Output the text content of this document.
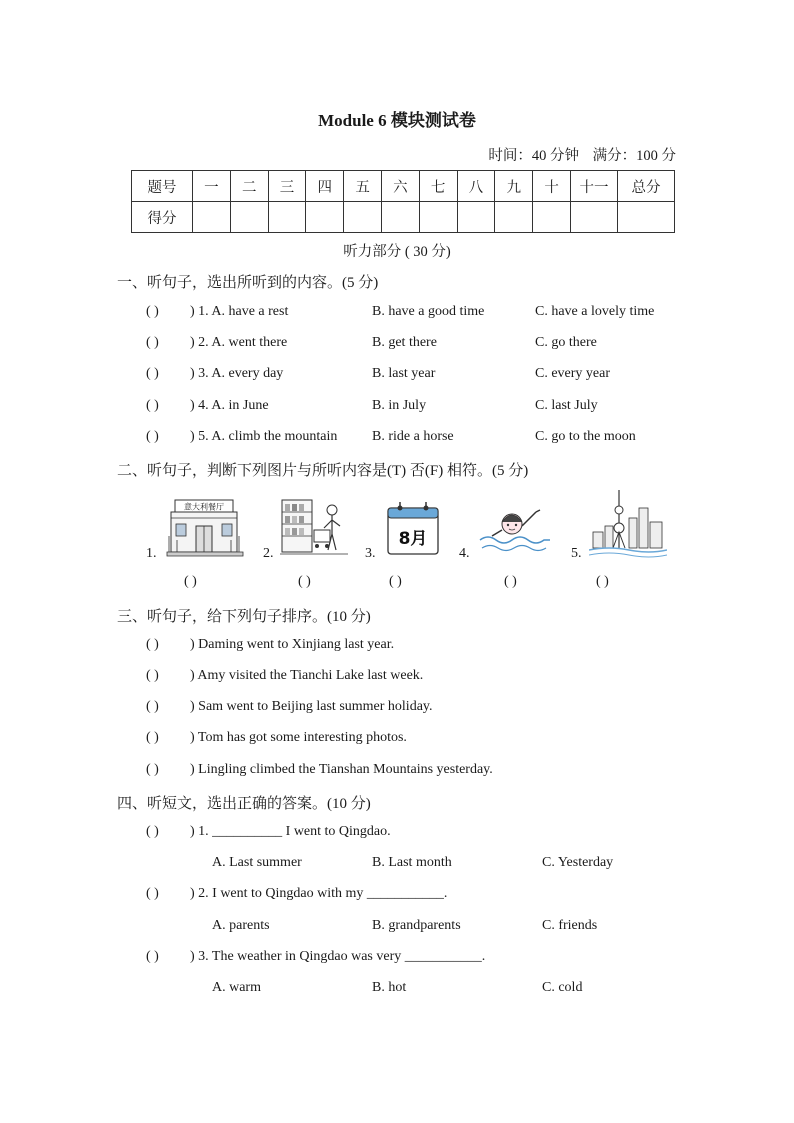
Module 6 模块测试卷
时间：40 分钟 满分：100 分
题号	一	二	三	四	五	六	七	八	九	十	十一	总分
得分												
听力部分 ( 30 分)
一、听句子，选出所听到的内容。(5 分)
( ) ) 1. A. have a rest	B. have a good time	C. have a lovely time
( ) ) 2. A. went there	B. get there	C. go there
( ) ) 3. A. every day	B. last year	C. every year
( ) ) 4. A. in June	B. in July	C. last July
( ) ) 5. A. climb the mountain B. ride a horse	C. go to the moon
二、听句子，判断下列图片与所听内容是(T) 否(F) 相符。(5 分)
1.	2.	3.	4.	5.
意大利餐厅
8月
( )	( )	( )	( )	( )
三、听句子，给下列句子排序。(10 分)
( ) ) Daming went to Xinjiang last year.
( ) ) Amy visited the Tianchi Lake last week.
( ) ) Sam went to Beijing last summer holiday.
( ) ) Tom has got some interesting photos.
( ) ) Lingling climbed the Tianshan Mountains yesterday.
四、听短文，选出正确的答案。(10 分)
( ) ) 1. __________ I went to Qingdao.
A. Last summer	B. Last month	C. Yesterday
( ) ) 2. I went to Qingdao with my ___________.
A. parents	B. grandparents	C. friends
( ) ) 3. The weather in Qingdao was very ___________.
A. warm	B. hot	C. cold
